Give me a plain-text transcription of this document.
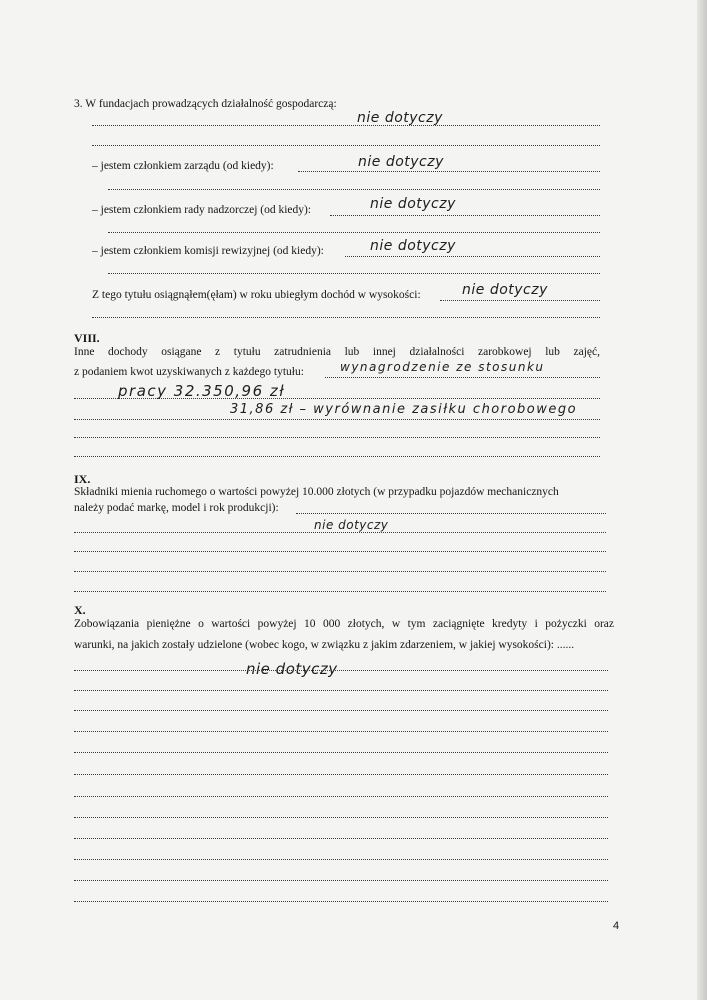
3. W fundacjach prowadzących działalność gospodarczą:
nie dotyczy
– jestem członkiem zarządu (od kiedy):	nie dotyczy
– jestem członkiem rady nadzorczej (od kiedy):	nie dotyczy
– jestem członkiem komisji rewizyjnej (od kiedy):	nie dotyczy
Z tego tytułu osiągnąłem(ęłam) w roku ubiegłym dochód w wysokości:	nie dotyczy
VIII.
Inne dochody osiągane z tytułu zatrudnienia lub innej działalności zarobkowej lub zajęć,
z podaniem kwot uzyskiwanych z każdego tytułu:	wynagrodzenie ze stosunku
pracy 32.350,96 zł
31,86 zł – wyrównanie zasiłku chorobowego
IX.
Składniki mienia ruchomego o wartości powyżej 10.000 złotych (w przypadku pojazdów mechanicznych
należy podać markę, model i rok produkcji):
nie dotyczy
X.
Zobowiązania pieniężne o wartości powyżej 10 000 złotych, w tym zaciągnięte kredyty i pożyczki oraz
warunki, na jakich zostały udzielone (wobec kogo, w związku z jakim zdarzeniem, w jakiej wysokości): ......
nie dotyczy
4
